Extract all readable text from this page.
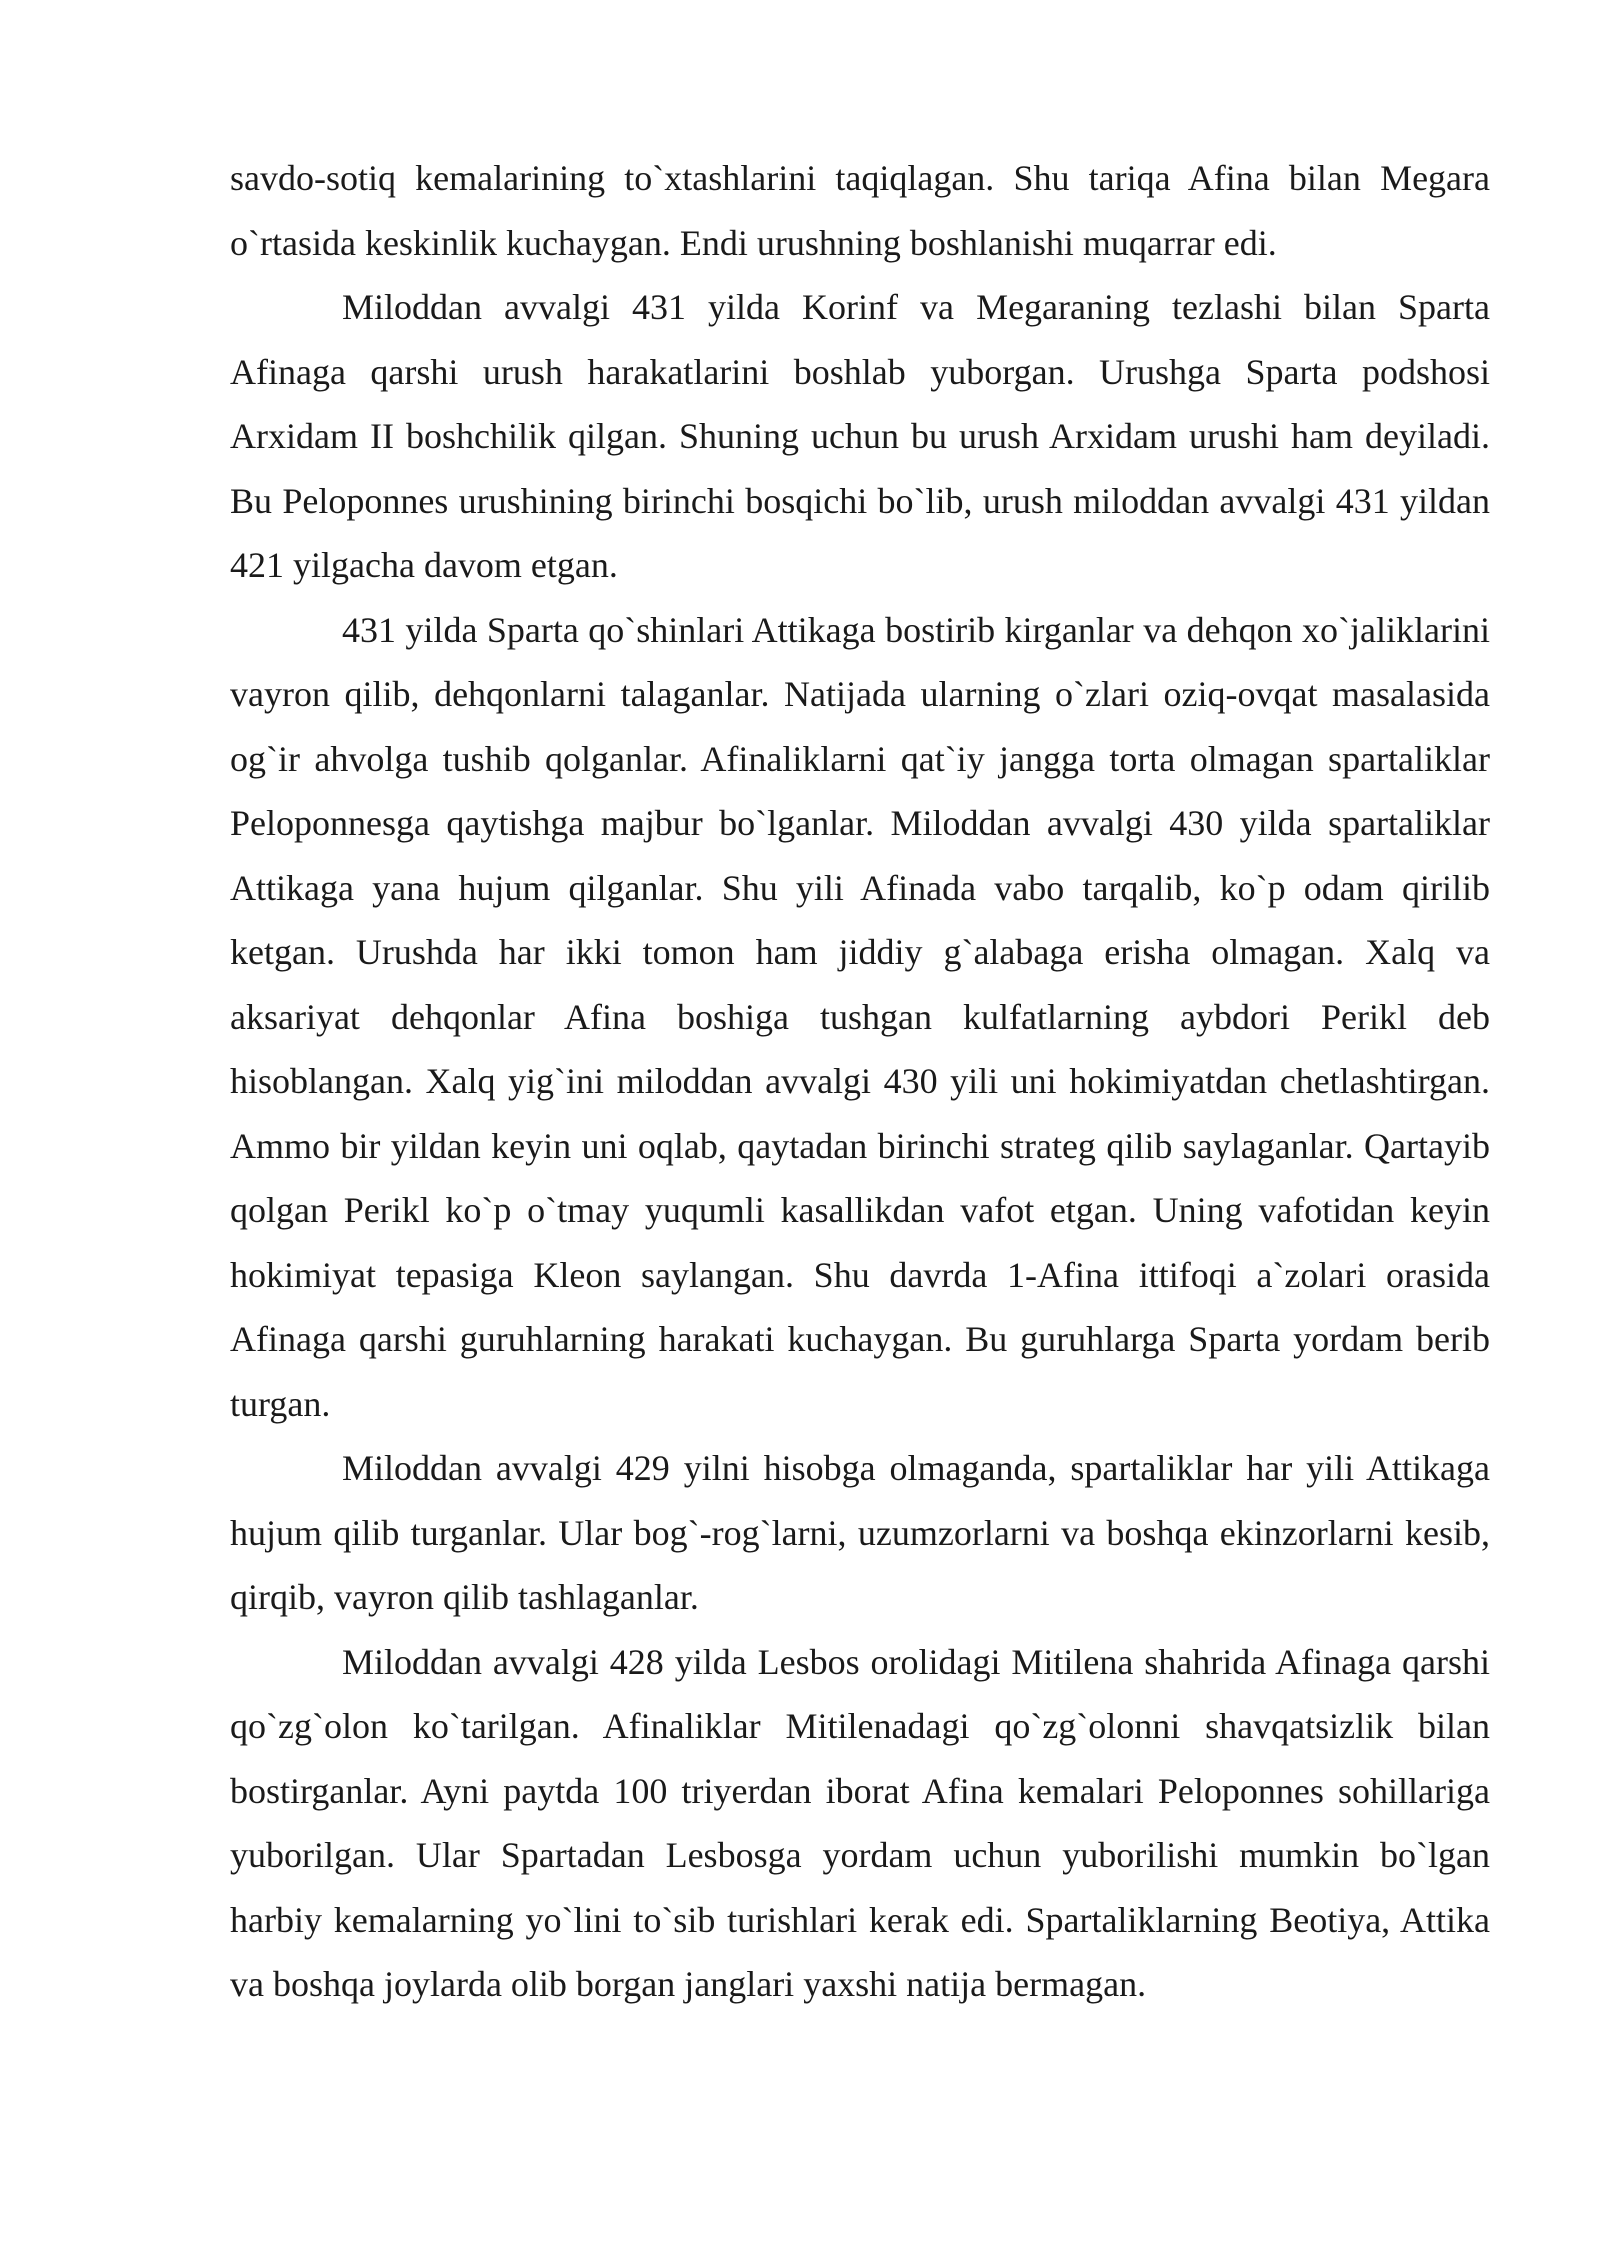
savdo-sotiq kemalarining to`xtashlarini taqiqlagan. Shu tariqa Afina bilan Megara o`rtasida keskinlik kuchaygan. Endi urushning boshlanishi muqarrar edi.

Miloddan avvalgi 431 yilda Korinf va Megaraning tezlashi bilan Sparta Afinaga qarshi urush harakatlarini boshlab yuborgan. Urushga Sparta podshosi Arxidam II boshchilik qilgan. Shuning uchun bu urush Arxidam urushi ham deyiladi. Bu Peloponnes urushining birinchi bosqichi bo`lib, urush miloddan avvalgi 431 yildan 421 yilgacha davom etgan.

431 yilda Sparta qo`shinlari Attikaga bostirib kirganlar va dehqon xo`jaliklarini vayron qilib, dehqonlarni talaganlar. Natijada ularning o`zlari oziq-ovqat masalasida og`ir ahvolga tushib qolganlar. Afinaliklarni qat`iy jangga torta olmagan spartaliklar Peloponnesga qaytishga majbur bo`lganlar. Miloddan avvalgi 430 yilda spartaliklar Attikaga yana hujum qilganlar. Shu yili Afinada vabo tarqalib, ko`p odam qirilib ketgan. Urushda har ikki tomon ham jiddiy g`alabaga erisha olmagan. Xalq va aksariyat dehqonlar Afina boshiga tushgan kulfatlarning aybdori Perikl deb hisoblangan. Xalq yig`ini miloddan avvalgi 430 yili uni hokimiyatdan chetlashtirgan. Ammo bir yildan keyin uni oqlab, qaytadan birinchi strateg qilib saylaganlar. Qartayib qolgan Perikl ko`p o`tmay yuqumli kasallikdan vafot etgan. Uning vafotidan keyin hokimiyat tepasiga Kleon saylangan. Shu davrda 1-Afina ittifoqi a`zolari orasida Afinaga qarshi guruhlarning harakati kuchaygan. Bu guruhlarga Sparta yordam berib turgan.

Miloddan avvalgi 429 yilni hisobga olmaganda, spartaliklar har yili Attikaga hujum qilib turganlar. Ular bog`-rog`larni, uzumzorlarni va boshqa ekinzorlarni kesib, qirqib, vayron qilib tashlaganlar.

Miloddan avvalgi 428 yilda Lesbos orolidagi Mitilena shahrida Afinaga qarshi qo`zg`olon ko`tarilgan. Afinaliklar Mitilenadagi qo`zg`olonni shavqatsizlik bilan bostirganlar. Ayni paytda 100 triyerdan iborat Afina kemalari Peloponnes sohillariga yuborilgan. Ular Spartadan Lesbosga yordam uchun yuborilishi mumkin bo`lgan harbiy kemalarning yo`lini to`sib turishlari kerak edi. Spartaliklarning Beotiya, Attika va boshqa joylarda olib borgan janglari yaxshi natija bermagan.
